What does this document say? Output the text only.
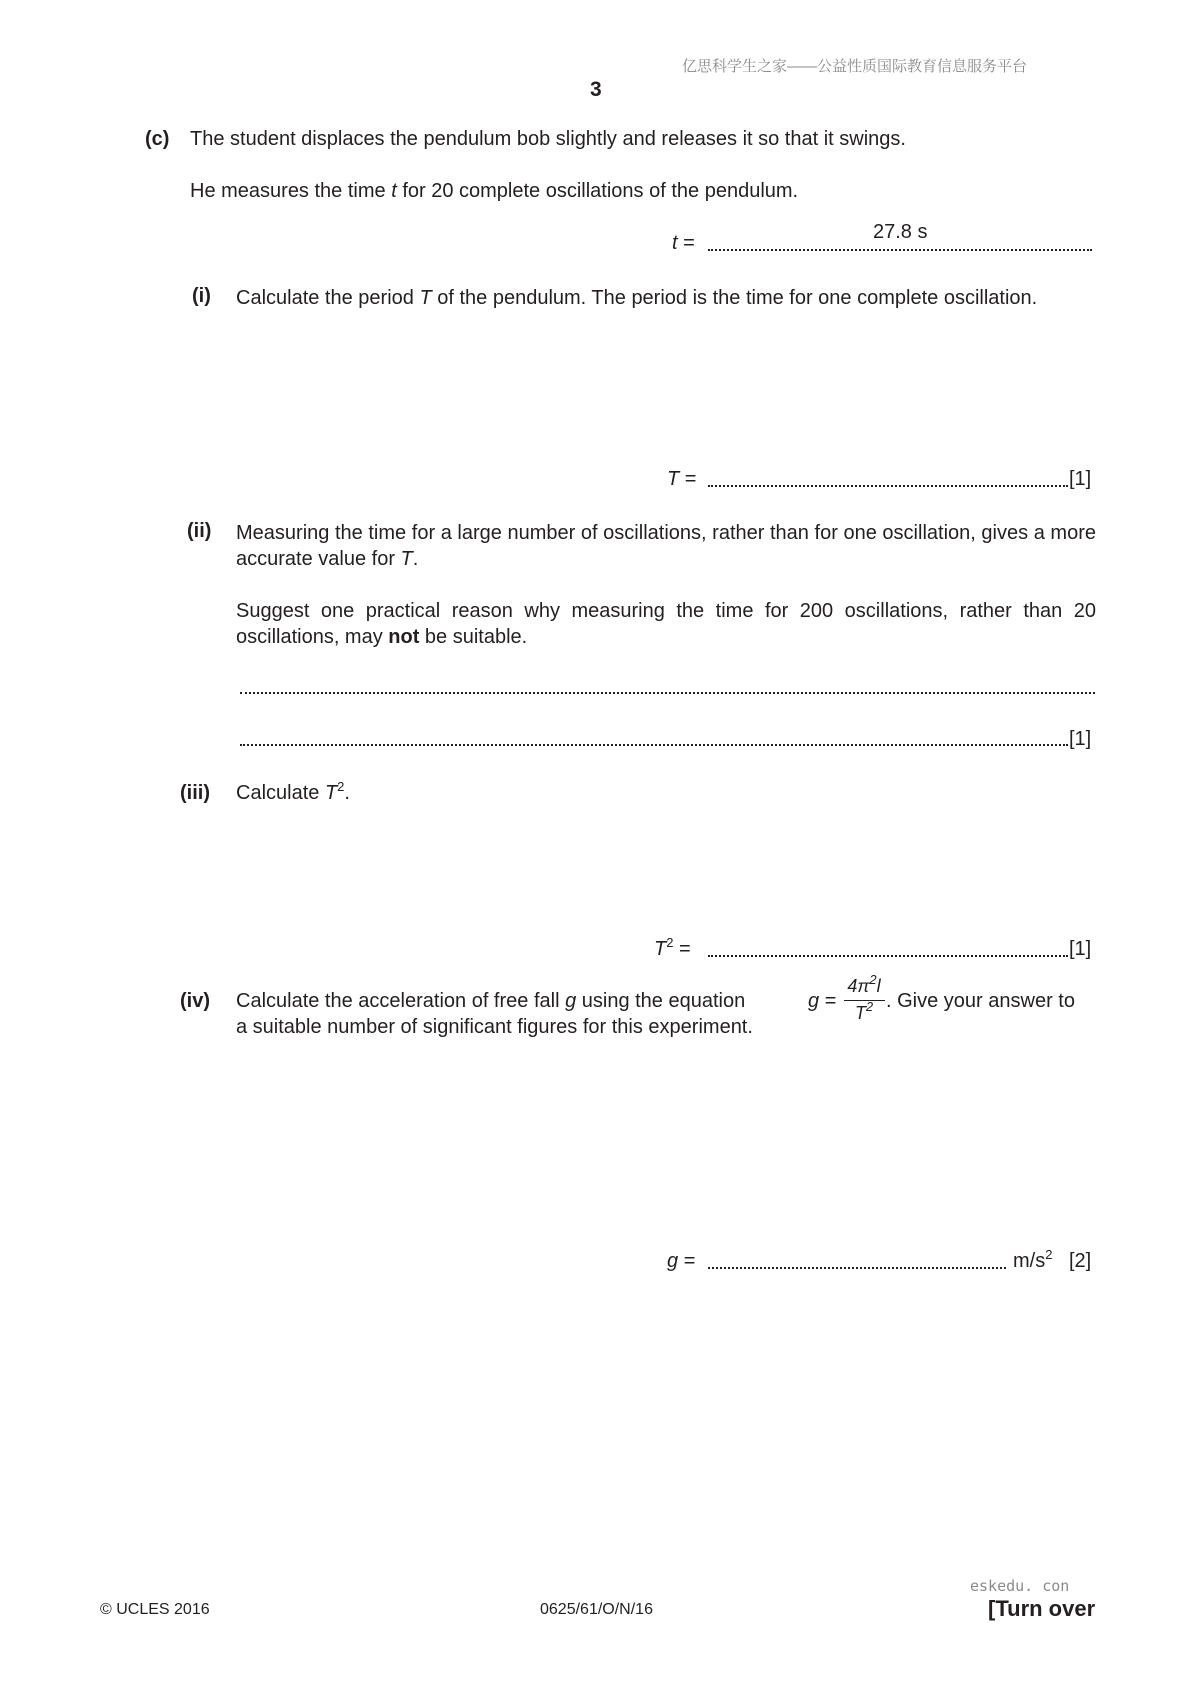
亿思科学生之家——公益性质国际教育信息服务平台
3
(c) The student displaces the pendulum bob slightly and releases it so that it swings.
He measures the time t for 20 complete oscillations of the pendulum.
t =	27.8 s
(i) Calculate the period T of the pendulum. The period is the time for one complete oscillation.
T =	[1]
(ii) Measuring the time for a large number of oscillations, rather than for one oscillation, gives a more accurate value for T.
Suggest one practical reason why measuring the time for 200 oscillations, rather than 20 oscillations, may not be suitable.
[1]
(iii) Calculate $T^2$.
$T^2$ =	[1]
(iv) Calculate the acceleration of free fall g using the equation	g =
$4\pi^2l$
$T^2$ . Give your answer to
a suitable number of significant figures for this experiment.
g =	$m/s^2$ [2]
eskedu. con
© UCLES 2016	0625/61/O/N/16	[Turn over
